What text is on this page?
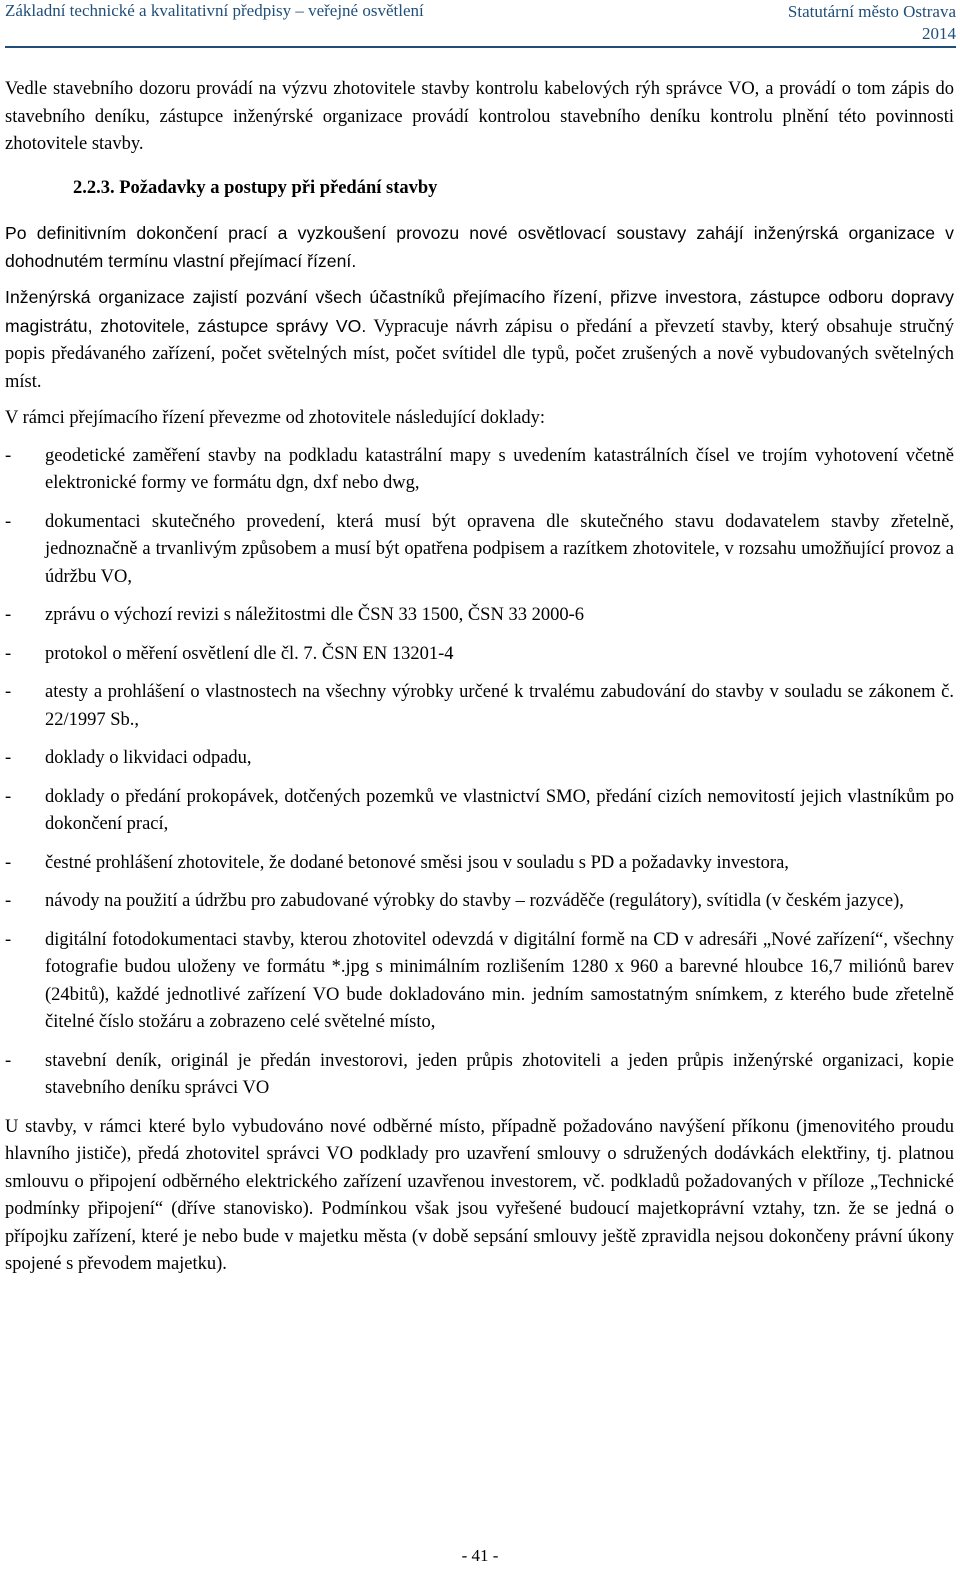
Základní technické a kvalitativní předpisy – veřejné osvětlení	Statutární město Ostrava
2014

Vedle stavebního dozoru provádí na výzvu zhotovitele stavby kontrolu kabelových rýh správce VO, a provádí o tom zápis do stavebního deníku, zástupce inženýrské organizace provádí kontrolou stavebního deníku kontrolu plnění této povinnosti zhotovitele stavby.

2.2.3. Požadavky a postupy při předání stavby

Po definitivním dokončení prací a vyzkoušení provozu nové osvětlovací soustavy zahájí inženýrská organizace v dohodnutém termínu vlastní přejímací řízení.

Inženýrská organizace zajistí pozvání všech účastníků přejímacího řízení, přizve investora, zástupce odboru dopravy magistrátu, zhotovitele, zástupce správy VO. Vypracuje návrh zápisu o předání a převzetí stavby, který obsahuje stručný popis předávaného zařízení, počet světelných míst, počet svítidel dle typů, počet zrušených a nově vybudovaných světelných míst.

V rámci přejímacího řízení převezme od zhotovitele následující doklady:

- geodetické zaměření stavby na podkladu katastrální mapy s uvedením katastrálních čísel ve trojím vyhotovení včetně elektronické formy ve formátu dgn, dxf nebo dwg,
- dokumentaci skutečného provedení, která musí být opravena dle skutečného stavu dodavatelem stavby zřetelně, jednoznačně a trvanlivým způsobem a musí být opatřena podpisem a razítkem zhotovitele, v rozsahu umožňující provoz a údržbu VO,
- zprávu o výchozí revizi s náležitostmi dle ČSN 33 1500, ČSN 33 2000-6
- protokol o měření osvětlení dle čl. 7. ČSN EN 13201-4
- atesty a prohlášení o vlastnostech na všechny výrobky určené k trvalému zabudování do stavby v souladu se zákonem č. 22/1997 Sb.,
- doklady o likvidaci odpadu,
- doklady o předání prokopávek, dotčených pozemků ve vlastnictví SMO, předání cizích nemovitostí jejich vlastníkům po dokončení prací,
- čestné prohlášení zhotovitele, že dodané betonové směsi jsou v souladu s PD a požadavky investora,
- návody na použití a údržbu pro zabudované výrobky do stavby – rozváděče (regulátory), svítidla (v českém jazyce),
- digitální fotodokumentaci stavby, kterou zhotovitel odevzdá v digitální formě na CD v adresáři „Nové zařízení“, všechny fotografie budou uloženy ve formátu *.jpg s minimálním rozlišením 1280 x 960 a barevné hloubce 16,7 miliónů barev (24bitů), každé jednotlivé zařízení VO bude dokladováno min. jedním samostatným snímkem, z kterého bude zřetelně čitelné číslo stožáru a zobrazeno celé světelné místo,
- stavební deník, originál je předán investorovi, jeden průpis zhotoviteli a jeden průpis inženýrské organizaci, kopie stavebního deníku správci VO

U stavby, v rámci které bylo vybudováno nové odběrné místo, případně požadováno navýšení příkonu (jmenovitého proudu hlavního jističe), předá zhotovitel správci VO podklady pro uzavření smlouvy o sdružených dodávkách elektřiny, tj. platnou smlouvu o připojení odběrného elektrického zařízení uzavřenou investorem, vč. podkladů požadovaných v příloze „Technické podmínky připojení“ (dříve stanovisko). Podmínkou však jsou vyřešené budoucí majetkoprávní vztahy, tzn. že se jedná o přípojku zařízení, které je nebo bude v majetku města (v době sepsání smlouvy ještě zpravidla nejsou dokončeny právní úkony spojené s převodem majetku).

- 41 -
